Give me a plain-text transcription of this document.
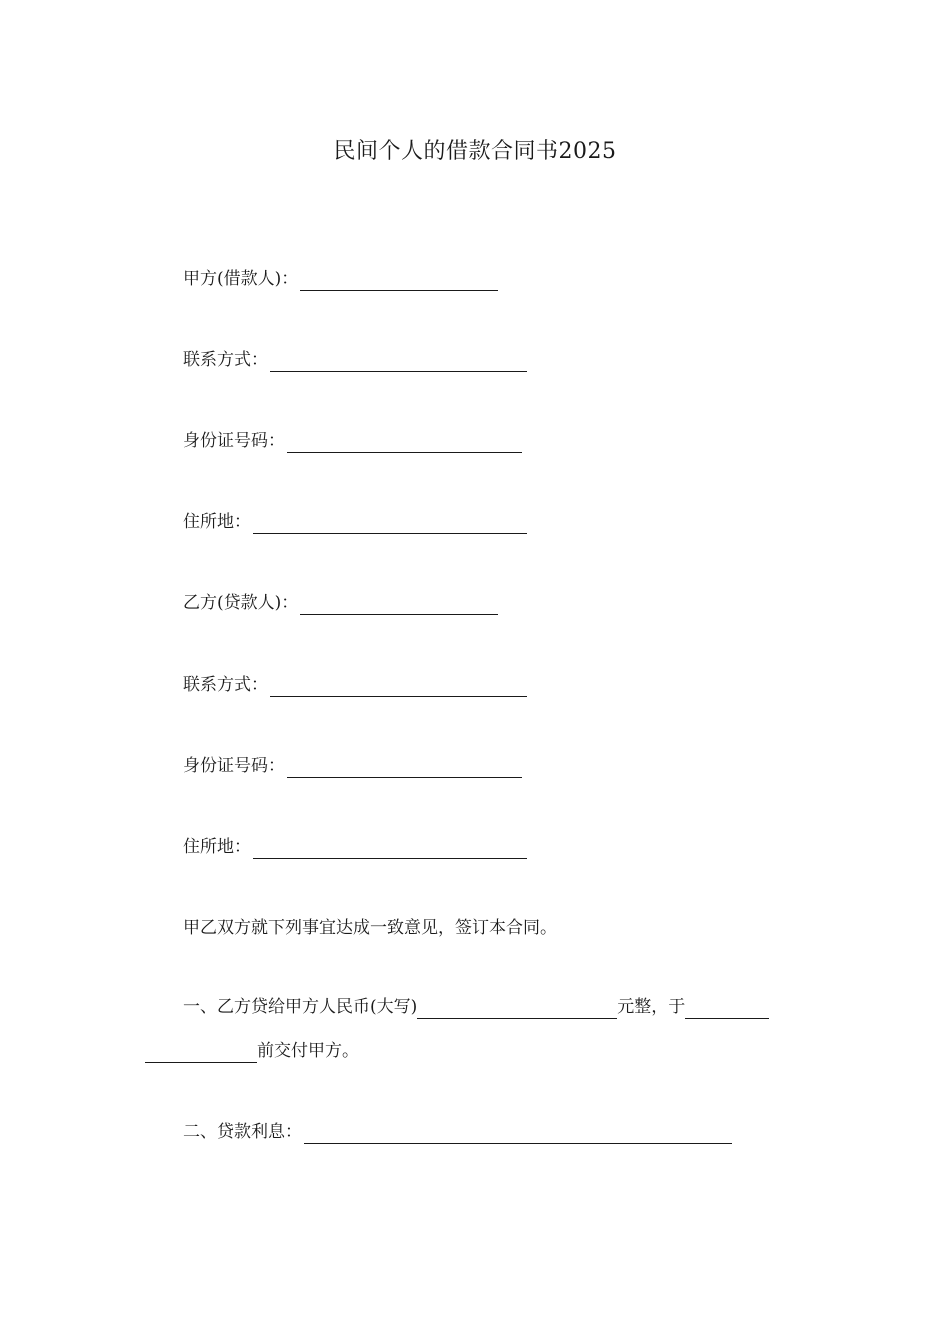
民间个人的借款合同书2025
甲方(借款人)：
联系方式：
身份证号码：
住所地：
乙方(贷款人)：
联系方式：
身份证号码：
住所地：
甲乙双方就下列事宜达成一致意见，签订本合同。
一、乙方贷给甲方人民币(大写)	元整，于
前交付甲方。
二、贷款利息：
